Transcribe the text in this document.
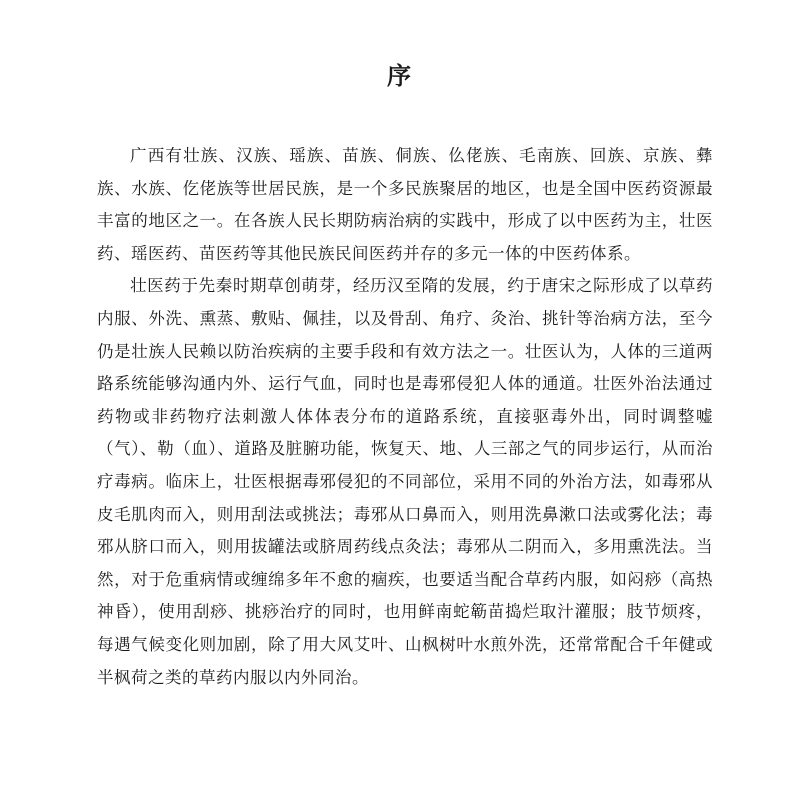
序

广西有壮族、汉族、瑶族、苗族、侗族、仫佬族、毛南族、回族、京族、彝族、水族、仡佬族等世居民族，是一个多民族聚居的地区，也是全国中医药资源最丰富的地区之一。在各族人民长期防病治病的实践中，形成了以中医药为主，壮医药、瑶医药、苗医药等其他民族民间医药并存的多元一体的中医药体系。

壮医药于先秦时期草创萌芽，经历汉至隋的发展，约于唐宋之际形成了以草药内服、外洗、熏蒸、敷贴、佩挂，以及骨刮、角疗、灸治、挑针等治病方法，至今仍是壮族人民赖以防治疾病的主要手段和有效方法之一。壮医认为，人体的三道两路系统能够沟通内外、运行气血，同时也是毒邪侵犯人体的通道。壮医外治法通过药物或非药物疗法刺激人体体表分布的道路系统，直接驱毒外出，同时调整嘘（气）、勒（血）、道路及脏腑功能，恢复天、地、人三部之气的同步运行，从而治疗毒病。临床上，壮医根据毒邪侵犯的不同部位，采用不同的外治方法，如毒邪从皮毛肌肉而入，则用刮法或挑法；毒邪从口鼻而入，则用洗鼻漱口法或雾化法；毒邪从脐口而入，则用拔罐法或脐周药线点灸法；毒邪从二阴而入，多用熏洗法。当然，对于危重病情或缠绵多年不愈的痼疾，也要适当配合草药内服，如闷痧（高热神昏），使用刮痧、挑痧治疗的同时，也用鲜南蛇簕苗捣烂取汁灌服；肢节烦疼，每遇气候变化则加剧，除了用大风艾叶、山枫树叶水煎外洗，还常常配合千年健或半枫荷之类的草药内服以内外同治。
